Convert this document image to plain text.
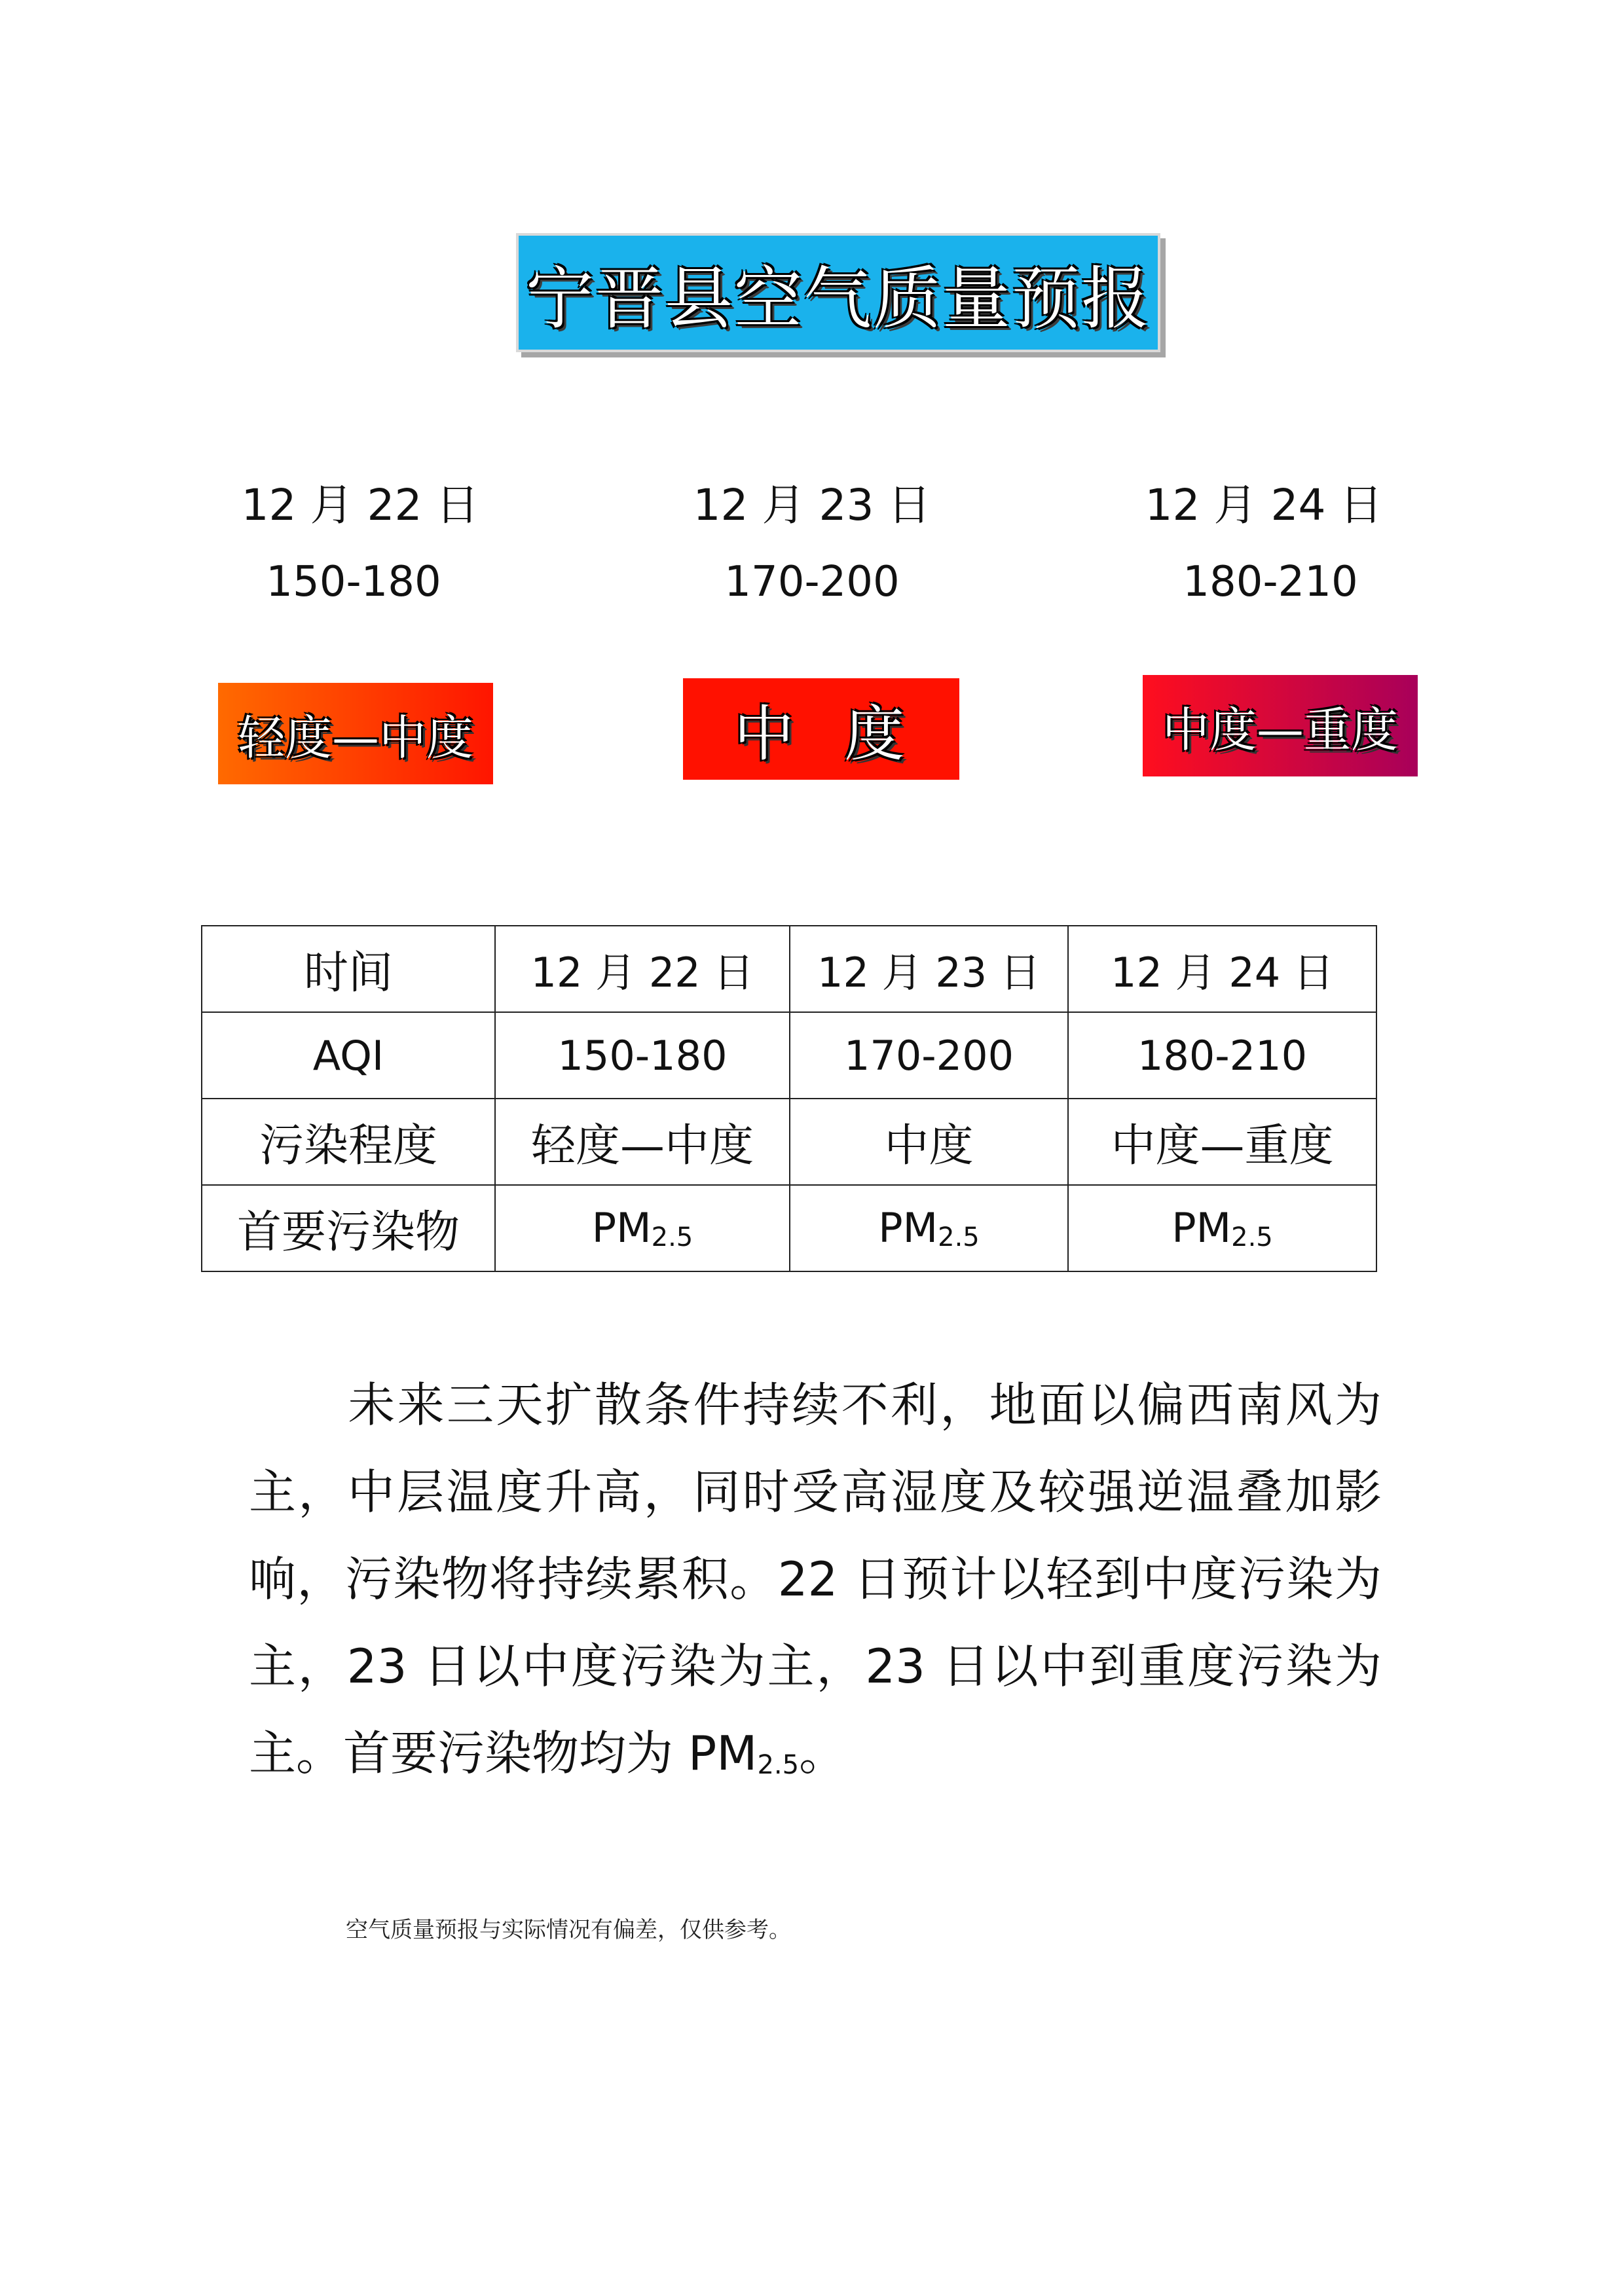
宁晋县空气质量预报
12 月 22 日	12 月 23 日	12 月 24 日
150-180	170-200	180-210
轻度—中度	中  度	中度—重度
时间	12 月 22 日	12 月 23 日	12 月 24 日
AQI	150-180	170-200	180-210
污染程度	轻度—中度	中度	中度—重度
首要污染物	$PM_{2.5}$	$PM_{2.5}$	$PM_{2.5}$
未来三天扩散条件持续不利，地面以偏西南风为主，中层温度升高，同时受高湿度及较强逆温叠加影响，污染物将持续累积。22 日预计以轻到中度污染为主，23 日以中度污染为主，23 日以中到重度污染为主。首要污染物均为 $PM_{2.5}$。
空气质量预报与实际情况有偏差，仅供参考。
